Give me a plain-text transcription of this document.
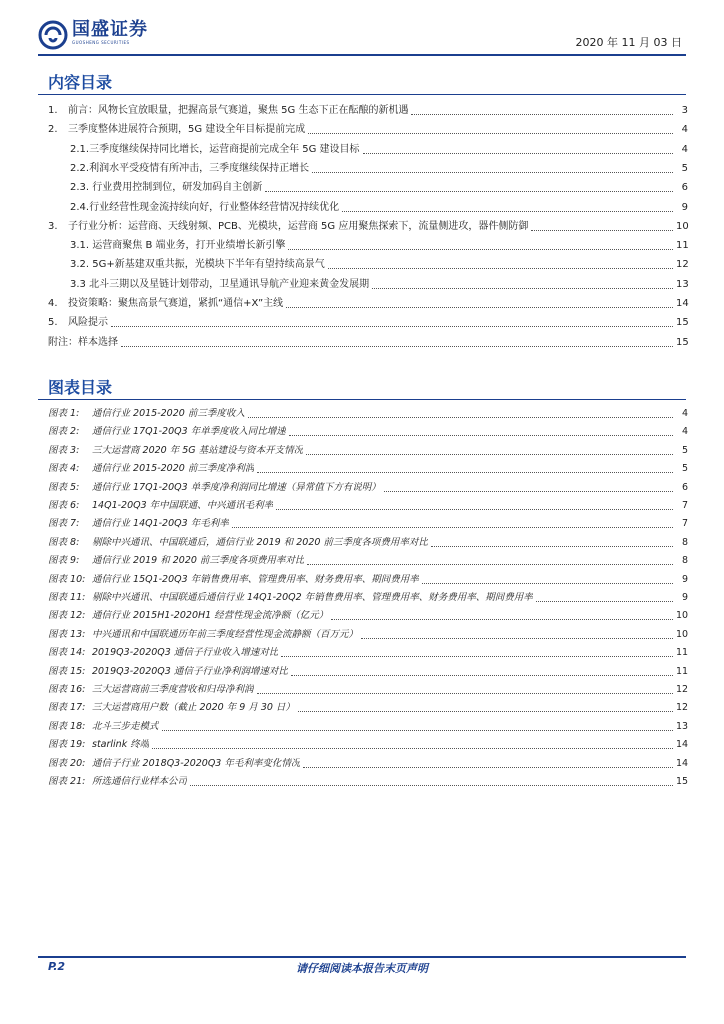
国盛证券
GUOSHENG SECURITIES	2020 年 11 月 03 日
内容目录
1.	前言：风物长宜放眼量，把握高景气赛道，聚焦 5G 生态下正在酝酿的新机遇	3
2.	三季度整体进展符合预期，5G 建设全年目标提前完成	4
2.1.三季度继续保持同比增长，运营商提前完成全年 5G 建设目标	4
2.2.利润水平受疫情有所冲击，三季度继续保持正增长	5
2.3. 行业费用控制到位，研发加码自主创新	6
2.4.行业经营性现金流持续向好，行业整体经营情况持续优化	9
3.	子行业分析：运营商、天线射频、PCB、光模块，运营商 5G 应用聚焦探索下，流量侧进攻，器件侧防御	10
3.1. 运营商聚焦 B 端业务，打开业绩增长新引擎	11
3.2. 5G+新基建双重共振，光模块下半年有望持续高景气	12
3.3 北斗三期以及星链计划带动，卫星通讯导航产业迎来黄金发展期	13
4.	投资策略：聚焦高景气赛道，紧抓“通信+X”主线	14
5.	风险提示	15
附注：样本选择	15
图表目录
图表 1:	通信行业 2015-2020 前三季度收入	4
图表 2:	通信行业 17Q1-20Q3 年单季度收入同比增速	4
图表 3:	三大运营商 2020 年 5G 基站建设与资本开支情况	5
图表 4:	通信行业 2015-2020 前三季度净利润	5
图表 5:	通信行业 17Q1-20Q3 单季度净利润同比增速（异常值下方有说明）	6
图表 6:	14Q1-20Q3 年中国联通、中兴通讯毛利率	7
图表 7:	通信行业 14Q1-20Q3 年毛利率	7
图表 8:	剔除中兴通讯、中国联通后，通信行业 2019 和 2020 前三季度各项费用率对比	8
图表 9:	通信行业 2019 和 2020 前三季度各项费用率对比	8
图表 10: 通信行业 15Q1-20Q3 年销售费用率、管理费用率、财务费用率、期间费用率	9
图表 11: 剔除中兴通讯、中国联通后通信行业 14Q1-20Q2 年销售费用率、管理费用率、财务费用率、期间费用率	9
图表 12: 通信行业 2015H1-2020H1 经营性现金流净额（亿元）	10
图表 13: 中兴通讯和中国联通历年前三季度经营性现金流静额（百万元）	10
图表 14: 2019Q3-2020Q3 通信子行业收入增速对比	11
图表 15: 2019Q3-2020Q3 通信子行业净利润增速对比	11
图表 16: 三大运营商前三季度营收和归母净利润	12
图表 17: 三大运营商用户数（截止 2020 年 9 月 30 日）	12
图表 18: 北斗三步走模式	13
图表 19: starlink 终端	14
图表 20: 通信子行业 2018Q3-2020Q3 年毛利率变化情况	14
图表 21: 所选通信行业样本公司	15
请仔细阅读本报告末页声明
P.2
